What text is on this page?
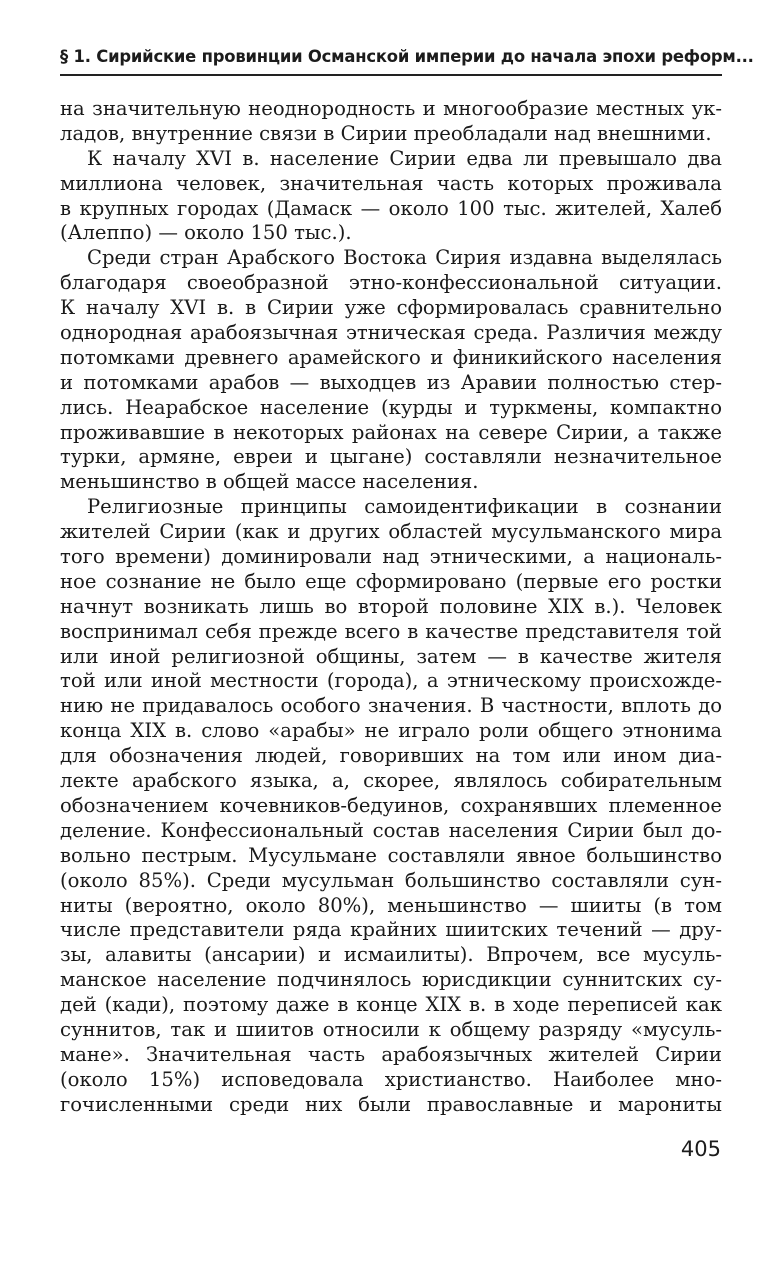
§ 1. Сирийские провинции Османской империи до начала эпохи реформ...
на значительную неоднородность и многообразие местных ук-
ладов, внутренние связи в Сирии преобладали над внешними.
К началу XVI в. население Сирии едва ли превышало два
миллиона человек, значительная часть которых проживала
в крупных городах (Дамаск — около 100 тыс. жителей, Халеб
(Алеппо) — около 150 тыс.).
Среди стран Арабского Востока Сирия издавна выделялась
благодаря своеобразной этно-конфессиональной ситуации.
К началу XVI в. в Сирии уже сформировалась сравнительно
однородная арабоязычная этническая среда. Различия между
потомками древнего арамейского и финикийского населения
и потомками арабов — выходцев из Аравии полностью стер-
лись. Неарабское население (курды и туркмены, компактно
проживавшие в некоторых районах на севере Сирии, а также
турки, армяне, евреи и цыгане) составляли незначительное
меньшинство в общей массе населения.
Религиозные принципы самоидентификации в сознании
жителей Сирии (как и других областей мусульманского мира
того времени) доминировали над этническими, а националь-
ное сознание не было еще сформировано (первые его ростки
начнут возникать лишь во второй половине XIX в.). Человек
воспринимал себя прежде всего в качестве представителя той
или иной религиозной общины, затем — в качестве жителя
той или иной местности (города), а этническому происхожде-
нию не придавалось особого значения. В частности, вплоть до
конца XIX в. слово «арабы» не играло роли общего этнонима
для обозначения людей, говоривших на том или ином диа-
лекте арабского языка, а, скорее, являлось собирательным
обозначением кочевников-бедуинов, сохранявших племенное
деление. Конфессиональный состав населения Сирии был до-
вольно пестрым. Мусульмане составляли явное большинство
(около 85%). Среди мусульман большинство составляли сун-
ниты (вероятно, около 80%), меньшинство — шииты (в том
числе представители ряда крайних шиитских течений — дру-
зы, алавиты (ансарии) и исмаилиты). Впрочем, все мусуль-
манское население подчинялось юрисдикции суннитских су-
дей (кади), поэтому даже в конце XIX в. в ходе переписей как
суннитов, так и шиитов относили к общему разряду «мусуль-
мане». Значительная часть арабоязычных жителей Сирии
(около 15%) исповедовала христианство. Наиболее мно-
гочисленными среди них были православные и марониты
405
